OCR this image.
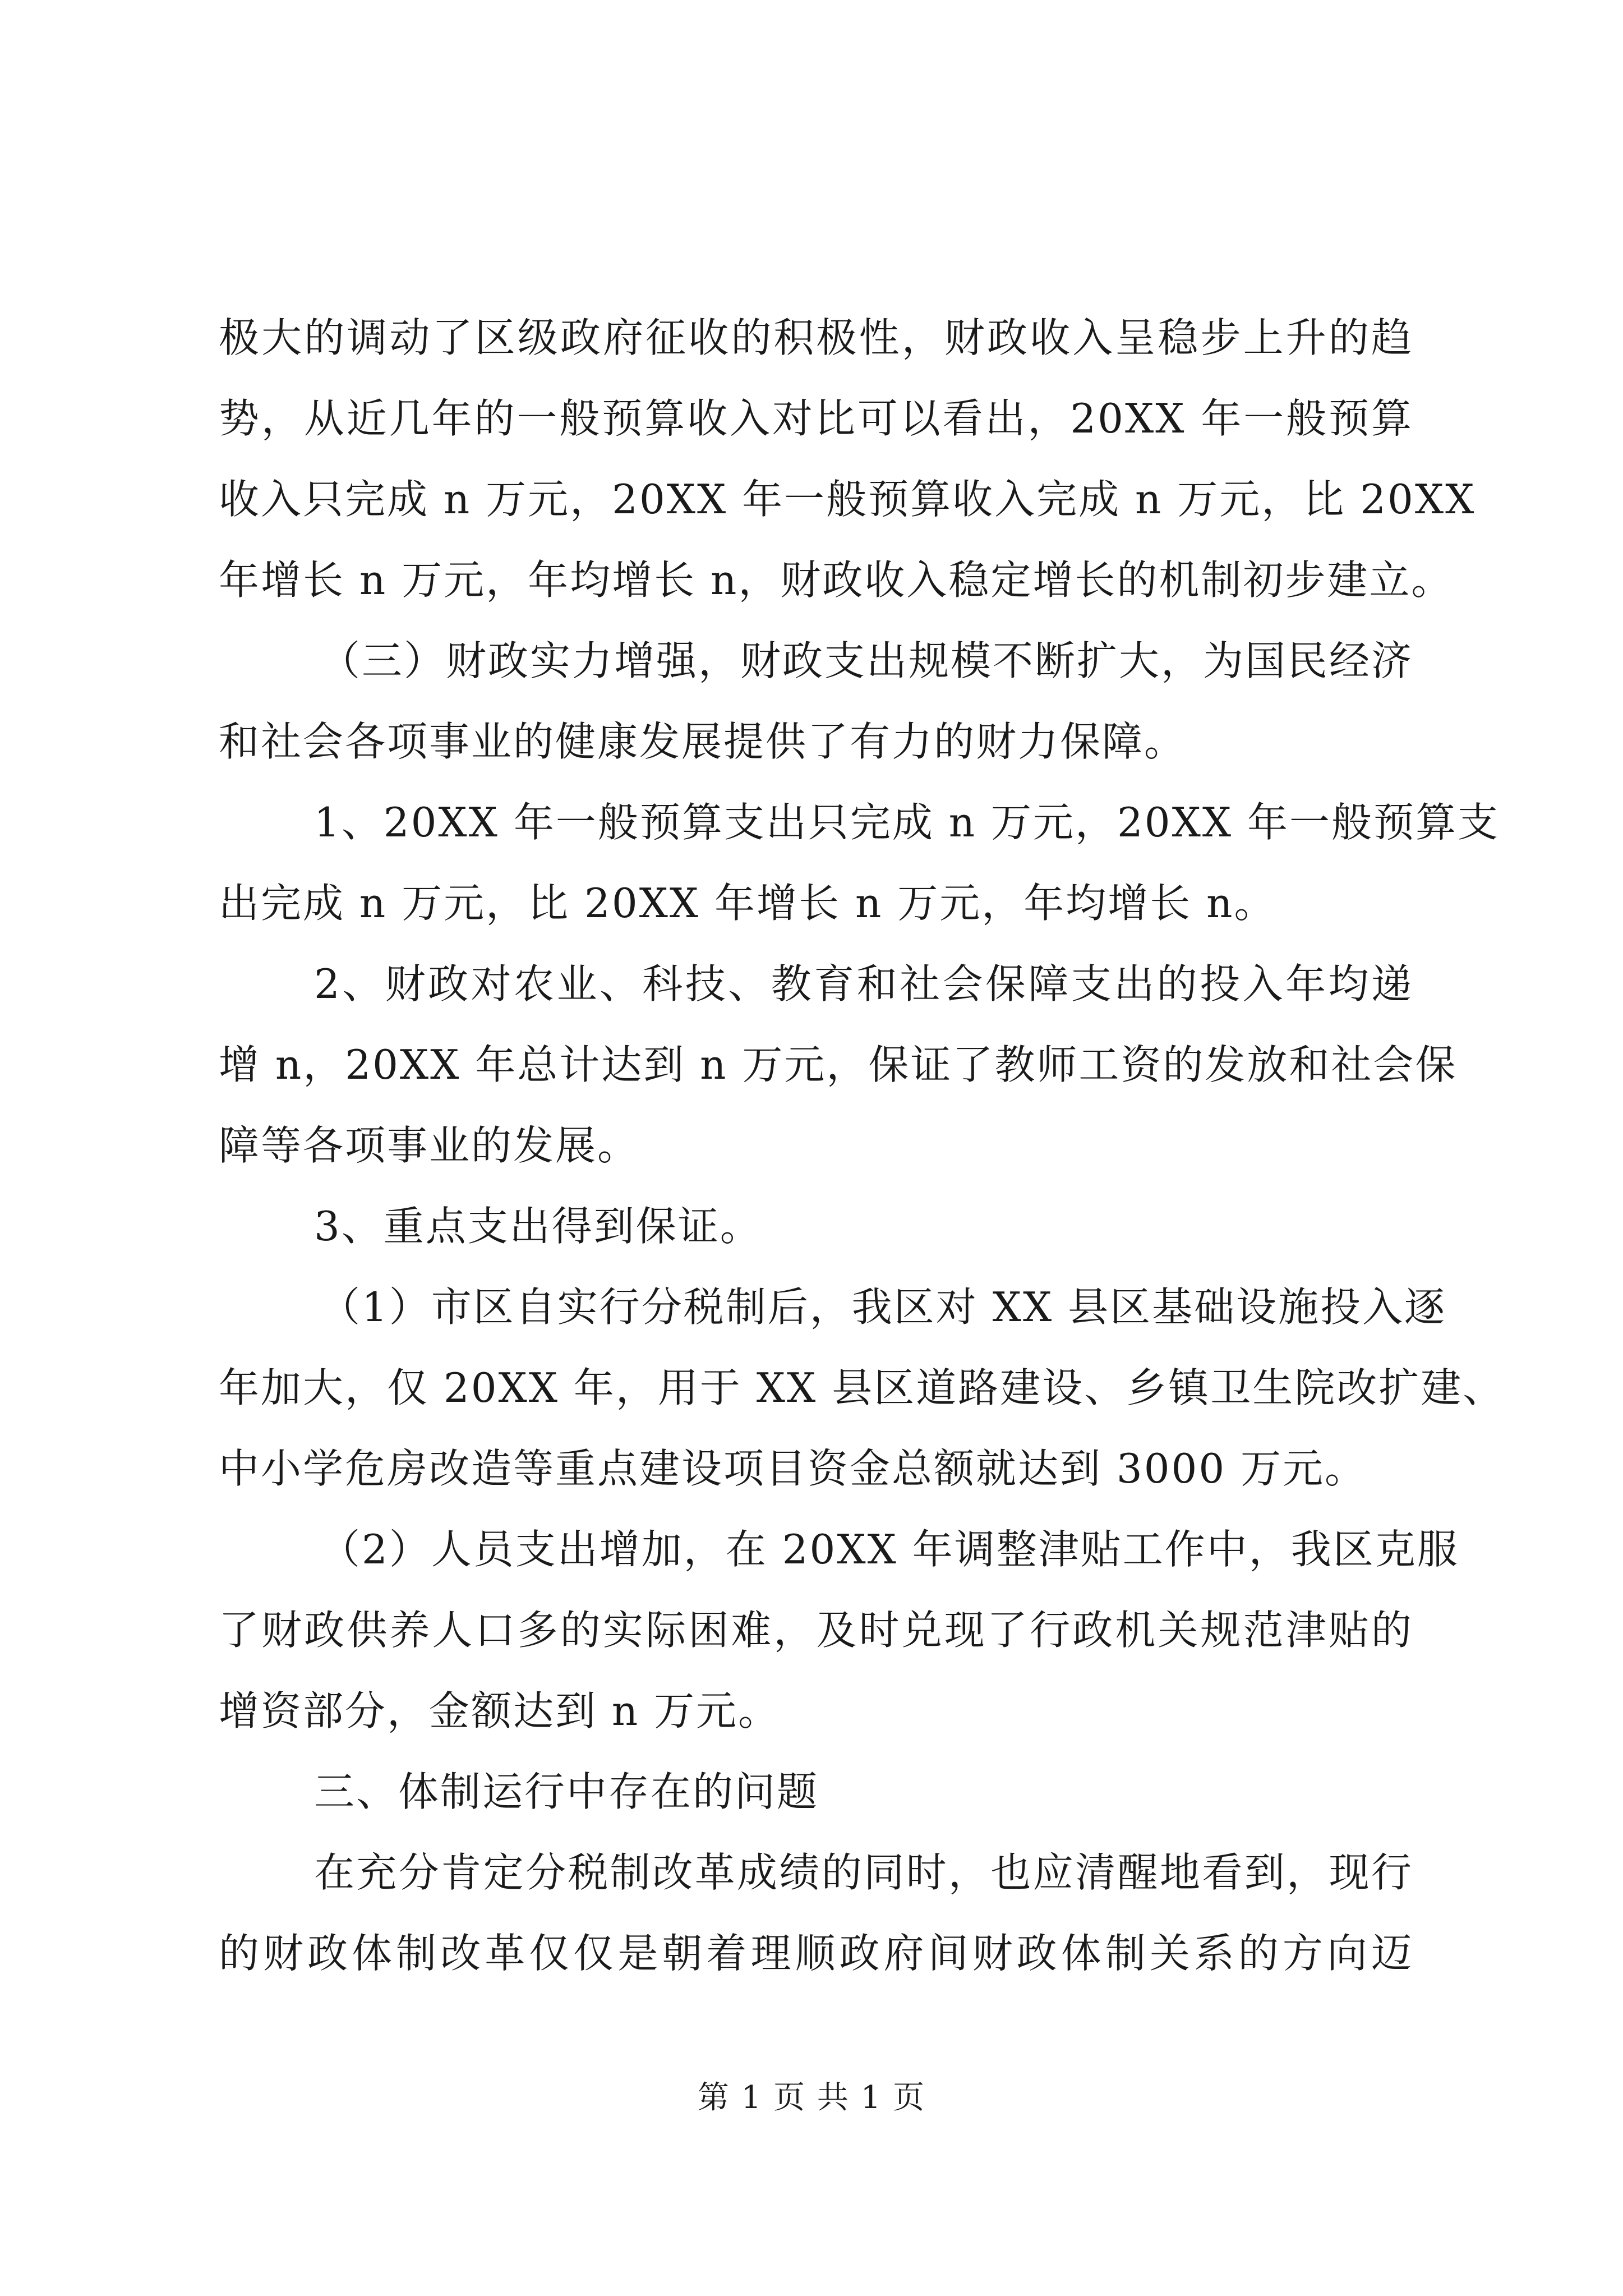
极大的调动了区级政府征收的积极性，财政收入呈稳步上升的趋
势，从近几年的一般预算收入对比可以看出，20XX 年一般预算
收入只完成 n 万元，20XX 年一般预算收入完成 n 万元，比 20XX
年增长 n 万元，年均增长 n，财政收入稳定增长的机制初步建立。
（三）财政实力增强，财政支出规模不断扩大，为国民经济
和社会各项事业的健康发展提供了有力的财力保障。
1、20XX 年一般预算支出只完成 n 万元，20XX 年一般预算支
出完成 n 万元，比 20XX 年增长 n 万元，年均增长 n。
2、财政对农业、科技、教育和社会保障支出的投入年均递
增 n，20XX 年总计达到 n 万元，保证了教师工资的发放和社会保
障等各项事业的发展。
3、重点支出得到保证。
（1）市区自实行分税制后，我区对 XX 县区基础设施投入逐
年加大，仅 20XX 年，用于 XX 县区道路建设、乡镇卫生院改扩建、
中小学危房改造等重点建设项目资金总额就达到 3000 万元。
（2）人员支出增加，在 20XX 年调整津贴工作中，我区克服
了财政供养人口多的实际困难，及时兑现了行政机关规范津贴的
增资部分，金额达到 n 万元。
三、体制运行中存在的问题
在充分肯定分税制改革成绩的同时，也应清醒地看到，现行
的财政体制改革仅仅是朝着理顺政府间财政体制关系的方向迈
第 1 页 共 1 页
